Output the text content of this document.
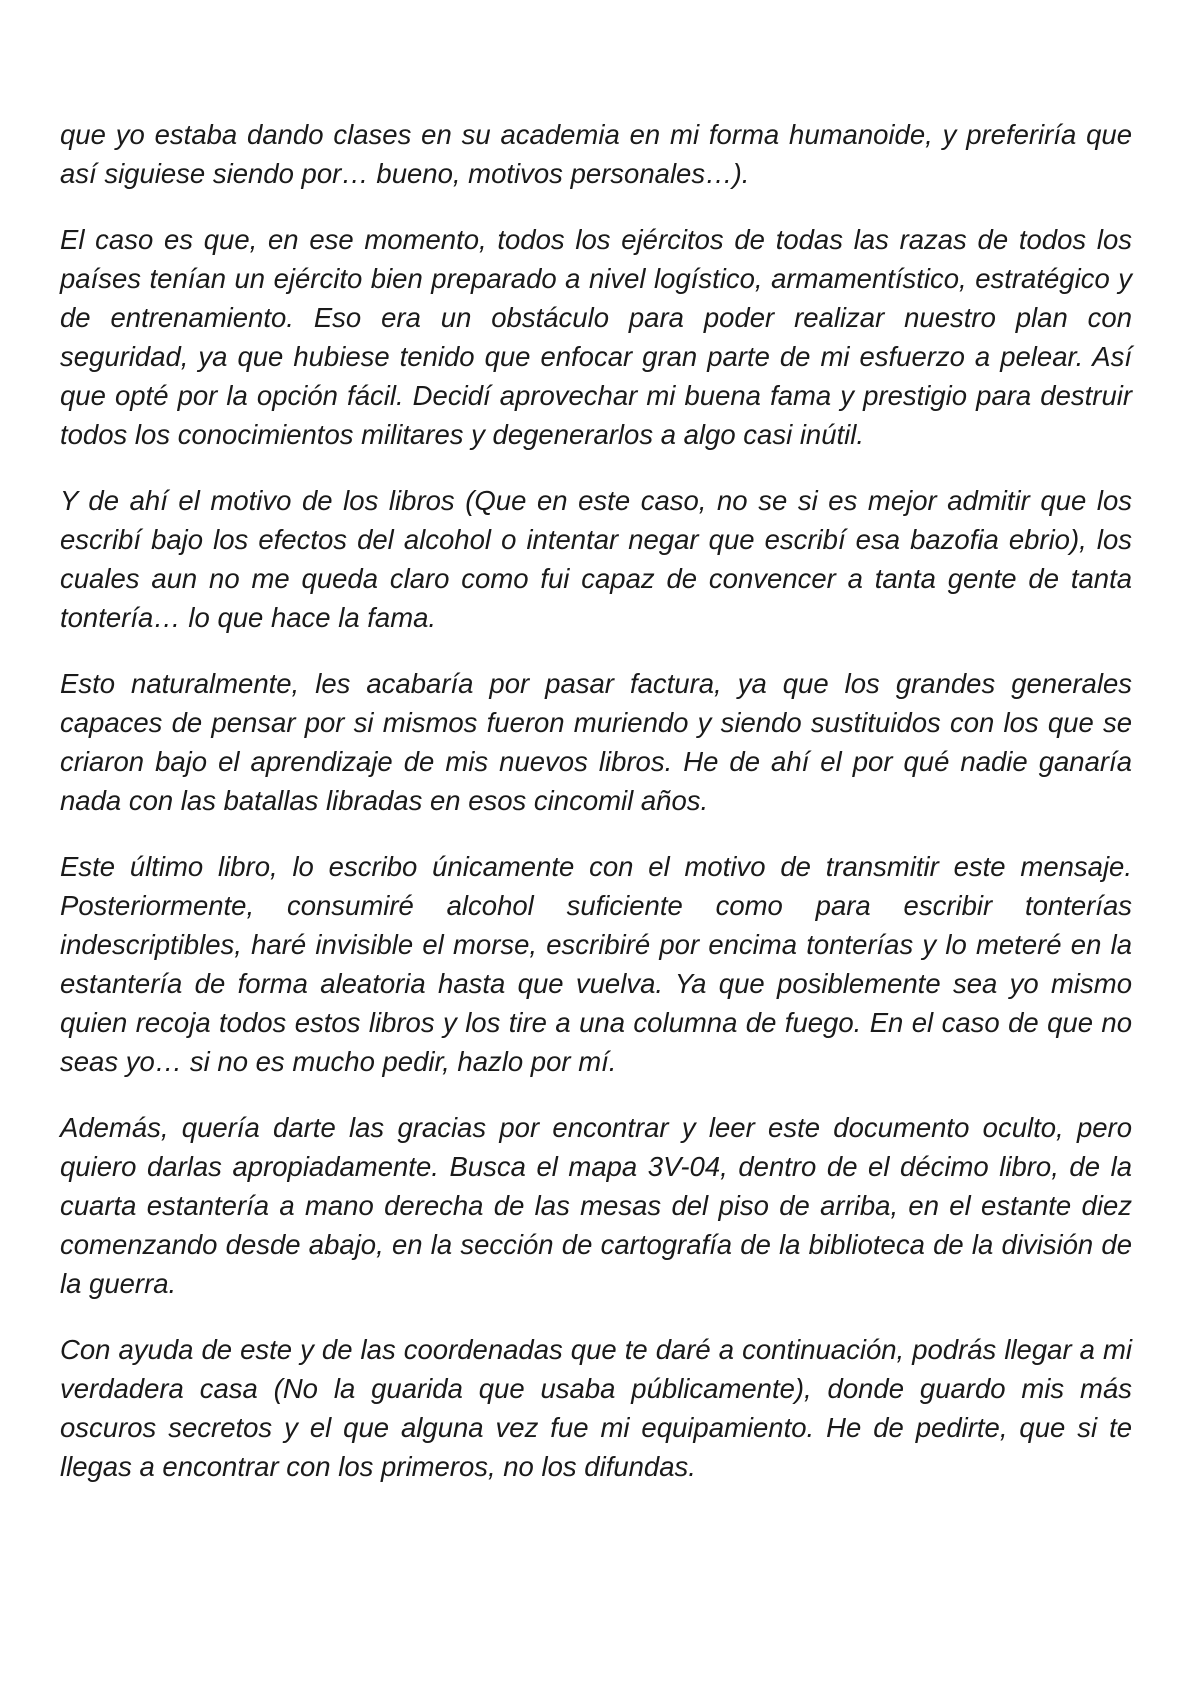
que yo estaba dando clases en su academia en mi forma humanoide, y preferiría que así siguiese siendo por… bueno, motivos personales…).

El caso es que, en ese momento, todos los ejércitos de todas las razas de todos los países tenían un ejército bien preparado a nivel logístico, armamentístico, estratégico y de entrenamiento. Eso era un obstáculo para poder realizar nuestro plan con seguridad, ya que hubiese tenido que enfocar gran parte de mi esfuerzo a pelear. Así que opté por la opción fácil. Decidí aprovechar mi buena fama y prestigio para destruir todos los conocimientos militares y degenerarlos a algo casi inútil.

Y de ahí el motivo de los libros (Que en este caso, no se si es mejor admitir que los escribí bajo los efectos del alcohol o intentar negar que escribí esa bazofia ebrio), los cuales aun no me queda claro como fui capaz de convencer a tanta gente de tanta tontería… lo que hace la fama.

Esto naturalmente, les acabaría por pasar factura, ya que los grandes generales capaces de pensar por si mismos fueron muriendo y siendo sustituidos con los que se criaron bajo el aprendizaje de mis nuevos libros. He de ahí el por qué nadie ganaría nada con las batallas libradas en esos cincomil años.

Este último libro, lo escribo únicamente con el motivo de transmitir este mensaje. Posteriormente, consumiré alcohol suficiente como para escribir tonterías indescriptibles, haré invisible el morse, escribiré por encima tonterías y lo meteré en la estantería de forma aleatoria hasta que vuelva. Ya que posiblemente sea yo mismo quien recoja todos estos libros y los tire a una columna de fuego. En el caso de que no seas yo… si no es mucho pedir, hazlo por mí.

Además, quería darte las gracias por encontrar y leer este documento oculto, pero quiero darlas apropiadamente. Busca el mapa 3V-04, dentro de el décimo libro, de la cuarta estantería a mano derecha de las mesas del piso de arriba, en el estante diez comenzando desde abajo, en la sección de cartografía de la biblioteca de la división de la guerra.

Con ayuda de este y de las coordenadas que te daré a continuación, podrás llegar a mi verdadera casa (No la guarida que usaba públicamente), donde guardo mis más oscuros secretos y el que alguna vez fue mi equipamiento. He de pedirte, que si te llegas a encontrar con los primeros, no los difundas.
